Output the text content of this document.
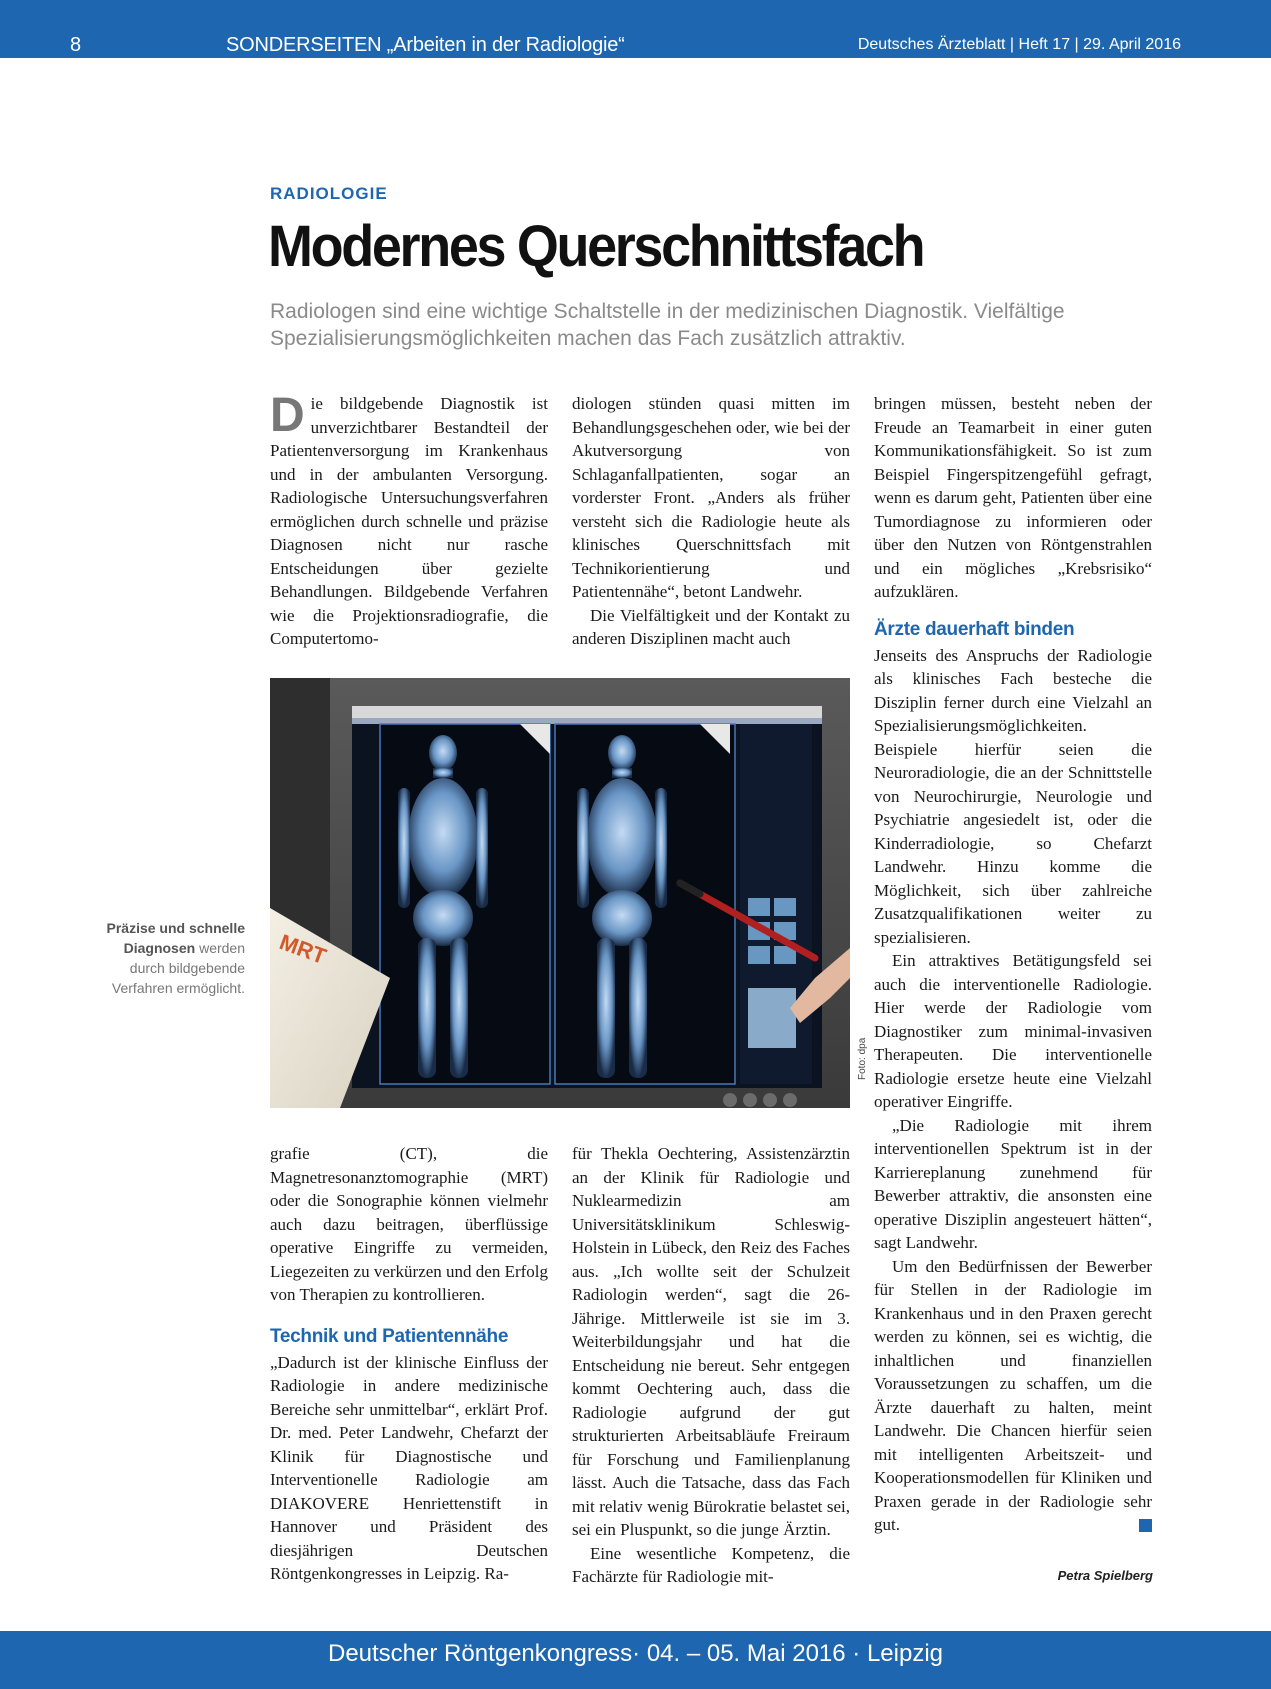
8	SONDERSEITEN „Arbeiten in der Radiologie“	Deutsches Ärzteblatt | Heft 17 | 29. April 2016
RADIOLOGIE
Modernes Querschnittsfach

Radiologen sind eine wichtige Schaltstelle in der medizinischen Diagnostik. Vielfältige Spezialisierungsmöglichkeiten machen das Fach zusätzlich attraktiv.

Die bildgebende Diagnostik ist unverzichtbarer Bestandteil der Patientenversorgung im Krankenhaus und in der ambulanten Versorgung. Radiologische Untersuchungsverfahren ermöglichen durch schnelle und präzise Diagnosen nicht nur rasche Entscheidungen über gezielte Behandlungen. Bildgebende Verfahren wie die Projektionsradiografie, die Computertomo-

diologen stünden quasi mitten im Behandlungsgeschehen oder, wie bei der Akutversorgung von Schlaganfallpatienten, sogar an vorderster Front. „Anders als früher versteht sich die Radiologie heute als klinisches Querschnittsfach mit Technikorientierung und Patientennähe“, betont Landwehr.

Die Vielfältigkeit und der Kontakt zu anderen Disziplinen macht auch

bringen müssen, besteht neben der Freude an Teamarbeit in einer guten Kommunikationsfähigkeit. So ist zum Beispiel Fingerspitzengefühl gefragt, wenn es darum geht, Patienten über eine Tumordiagnose zu informieren oder über den Nutzen von Röntgenstrahlen und ein mögliches „Krebsrisiko“ aufzuklären.

Ärzte dauerhaft binden

Jenseits des Anspruchs der Radiologie als klinisches Fach besteche die Disziplin ferner durch eine Vielzahl an Spezialisierungsmöglichkeiten. Beispiele hierfür seien die Neuroradiologie, die an der Schnittstelle von Neurochirurgie, Neurologie und Psychiatrie angesiedelt ist, oder die Kinderradiologie, so Chefarzt Landwehr. Hinzu komme die Möglichkeit, sich über zahlreiche Zusatzqualifikationen weiter zu spezialisieren.

Ein attraktives Betätigungsfeld sei auch die interventionelle Radiologie. Hier werde der Radiologie vom Diagnostiker zum minimal-invasiven Therapeuten. Die interventionelle Radiologie ersetze heute eine Vielzahl operativer Eingriffe.

„Die Radiologie mit ihrem interventionellen Spektrum ist in der Karriereplanung zunehmend für Bewerber attraktiv, die ansonsten eine operative Disziplin angesteuert hätten“, sagt Landwehr.

Um den Bedürfnissen der Bewerber für Stellen in der Radiologie im Krankenhaus und in den Praxen gerecht werden zu können, sei es wichtig, die inhaltlichen und finanziellen Voraussetzungen zu schaffen, um die Ärzte dauerhaft zu halten, meint Landwehr. Die Chancen hierfür seien mit intelligenten Arbeitszeit- und Kooperationsmodellen für Kliniken und Praxen gerade in der Radiologie sehr gut.

Petra Spielberg
MRT
Foto: dpa
Präzise und schnelle Diagnosen werden durch bildgebende Verfahren ermöglicht.

grafie (CT), die Magnetresonanztomographie (MRT) oder die Sonographie können vielmehr auch dazu beitragen, überflüssige operative Eingriffe zu vermeiden, Liegezeiten zu verkürzen und den Erfolg von Therapien zu kontrollieren.

Technik und Patientennähe

„Dadurch ist der klinische Einfluss der Radiologie in andere medizinische Bereiche sehr unmittelbar“, erklärt Prof. Dr. med. Peter Landwehr, Chefarzt der Klinik für Diagnostische und Interventionelle Radiologie am DIAKOVERE Henriettenstift in Hannover und Präsident des diesjährigen Deutschen Röntgenkongresses in Leipzig. Ra-

für Thekla Oechtering, Assistenzärztin an der Klinik für Radiologie und Nuklearmedizin am Universitätsklinikum Schleswig-Holstein in Lübeck, den Reiz des Faches aus. „Ich wollte seit der Schulzeit Radiologin werden“, sagt die 26-Jährige. Mittlerweile ist sie im 3. Weiterbildungsjahr und hat die Entscheidung nie bereut. Sehr entgegen kommt Oechtering auch, dass die Radiologie aufgrund der gut strukturierten Arbeitsabläufe Freiraum für Forschung und Familienplanung lässt. Auch die Tatsache, dass das Fach mit relativ wenig Bürokratie belastet sei, sei ein Pluspunkt, so die junge Ärztin.

Eine wesentliche Kompetenz, die Fachärzte für Radiologie mit-

Deutscher Röntgenkongress· 04. – 05. Mai 2016 · Leipzig
